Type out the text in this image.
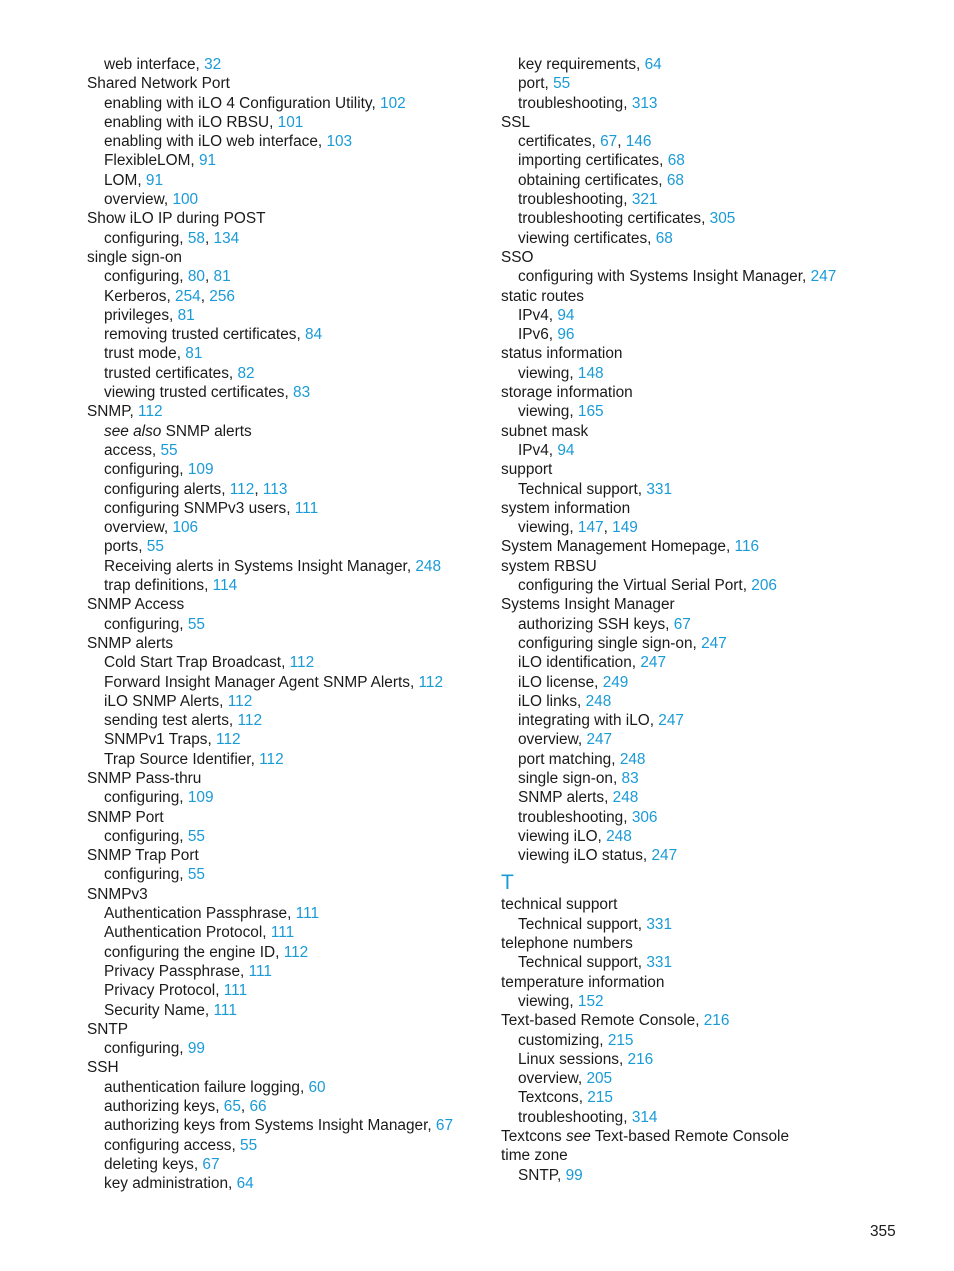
web interface, 32
Shared Network Port
enabling with iLO 4 Configuration Utility, 102
enabling with iLO RBSU, 101
enabling with iLO web interface, 103
FlexibleLOM, 91
LOM, 91
overview, 100
Show iLO IP during POST
configuring, 58, 134
single sign-on
configuring, 80, 81
Kerberos, 254, 256
privileges, 81
removing trusted certificates, 84
trust mode, 81
trusted certificates, 82
viewing trusted certificates, 83
SNMP, 112
see also SNMP alerts
access, 55
configuring, 109
configuring alerts, 112, 113
configuring SNMPv3 users, 111
overview, 106
ports, 55
Receiving alerts in Systems Insight Manager, 248
trap definitions, 114
SNMP Access
configuring, 55
SNMP alerts
Cold Start Trap Broadcast, 112
Forward Insight Manager Agent SNMP Alerts, 112
iLO SNMP Alerts, 112
sending test alerts, 112
SNMPv1 Traps, 112
Trap Source Identifier, 112
SNMP Pass-thru
configuring, 109
SNMP Port
configuring, 55
SNMP Trap Port
configuring, 55
SNMPv3
Authentication Passphrase, 111
Authentication Protocol, 111
configuring the engine ID, 112
Privacy Passphrase, 111
Privacy Protocol, 111
Security Name, 111
SNTP
configuring, 99
SSH
authentication failure logging, 60
authorizing keys, 65, 66
authorizing keys from Systems Insight Manager, 67
configuring access, 55
deleting keys, 67
key administration, 64
key requirements, 64
port, 55
troubleshooting, 313
SSL
certificates, 67, 146
importing certificates, 68
obtaining certificates, 68
troubleshooting, 321
troubleshooting certificates, 305
viewing certificates, 68
SSO
configuring with Systems Insight Manager, 247
static routes
IPv4, 94
IPv6, 96
status information
viewing, 148
storage information
viewing, 165
subnet mask
IPv4, 94
support
Technical support, 331
system information
viewing, 147, 149
System Management Homepage, 116
system RBSU
configuring the Virtual Serial Port, 206
Systems Insight Manager
authorizing SSH keys, 67
configuring single sign-on, 247
iLO identification, 247
iLO license, 249
iLO links, 248
integrating with iLO, 247
overview, 247
port matching, 248
single sign-on, 83
SNMP alerts, 248
troubleshooting, 306
viewing iLO, 248
viewing iLO status, 247
T
technical support
Technical support, 331
telephone numbers
Technical support, 331
temperature information
viewing, 152
Text-based Remote Console, 216
customizing, 215
Linux sessions, 216
overview, 205
Textcons, 215
troubleshooting, 314
Textcons see Text-based Remote Console
time zone
SNTP, 99
355
